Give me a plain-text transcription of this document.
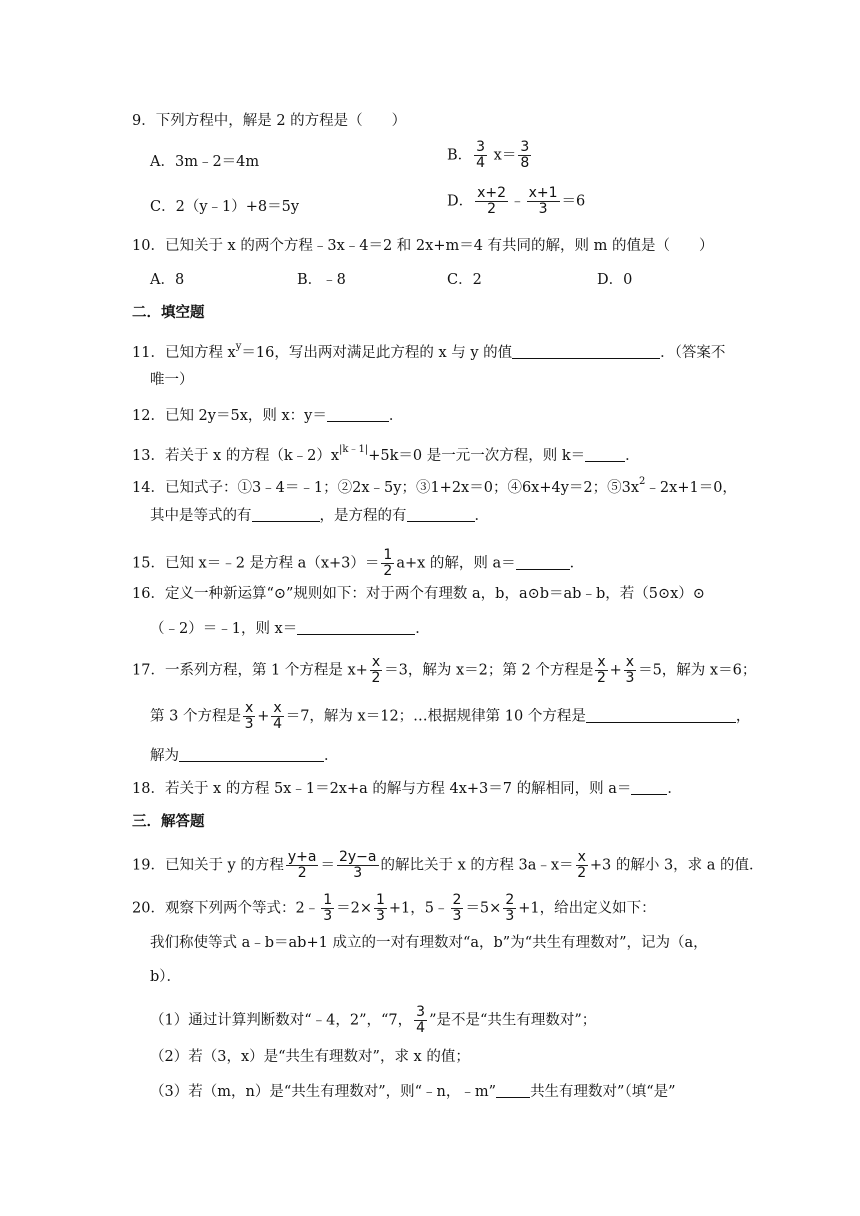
9．下列方程中，解是 2 的方程是（　　）
A．3m﹣2＝4m	B． $\frac{3}{4} x= \frac{3}{8}$
C．2（y﹣1）+8＝5y	D． $\frac{x+2}{2}$ ﹣ $\frac{x+1}{3} =6$
10．已知关于 x 的两个方程﹣3x﹣4＝2 和 2x+m＝4 有共同的解，则 m 的值是（　　）
A．8	B．﹣8	C．2	D．0
二．填空题
11．已知方程 $x^y=16$，写出两对满足此方程的 x 与 y 的值	．（答案不
唯一）
12．已知 2y＝5x，则 x：y＝	．
13．若关于 x 的方程$(k﹣2)x^{|k﹣1|}+5k=0$ 是一元一次方程，则 k＝	．
14．已知式子：①3﹣4＝﹣1；②2x﹣5y；③1+2x＝0；④6x+4y＝2；$⑤3x^2﹣2x+1=0$，
其中是等式的有	，是方程的有	．
15．已知 x＝﹣2 是方程 $a(x+3)= \frac{1}{2} a+x$ 的解，则 a＝	．
16．定义一种新运算“⊙”规则如下：对于两个有理数 a，b，a⊙b＝ab﹣b，若（5⊙x）⊙
（﹣2）＝﹣1，则 x＝	．
17．一系列方程，第 1 个方程是 $x+ \frac{x}{2} =3$，解为 x＝2；第 2 个方程是 $\frac{x}{2} + \frac{x}{3} =5$，解为 x＝6；
第 3 个方程是 $\frac{x}{3} + \frac{x}{4} =7$，解为 x＝12；…根据规律第 10 个方程是	，
解为	．
18．若关于 x 的方程 5x﹣1＝2x+a 的解与方程 4x+3＝7 的解相同，则 a＝ ．
三．解答题
19．已知关于 y 的方程 $\frac{y+a}{2} = \frac{2y-a}{3}$ 的解比关于 x 的方程 3a﹣x＝ $\frac{x}{2} +3$ 的解小 3，求 a 的值．
20．观察下列两个等式：2﹣ $\frac{1}{3} =2\times \frac{1}{3} +1$，5﹣ $\frac{2}{3} =5\times \frac{2}{3} +1$，给出定义如下：
我们称使等式 a﹣b＝ab+1 成立的一对有理数对“a，b”为“共生有理数对”，记为（a，
b）．
（1）通过计算判断数对“﹣4，2”，“7， $\frac{3}{4}$ ”是不是“共生有理数对”；
（2）若（3，x）是“共生有理数对”，求 x 的值；
（3）若（m，n）是“共生有理数对”，则“﹣n，﹣m” 共生有理数对”（填“是”
